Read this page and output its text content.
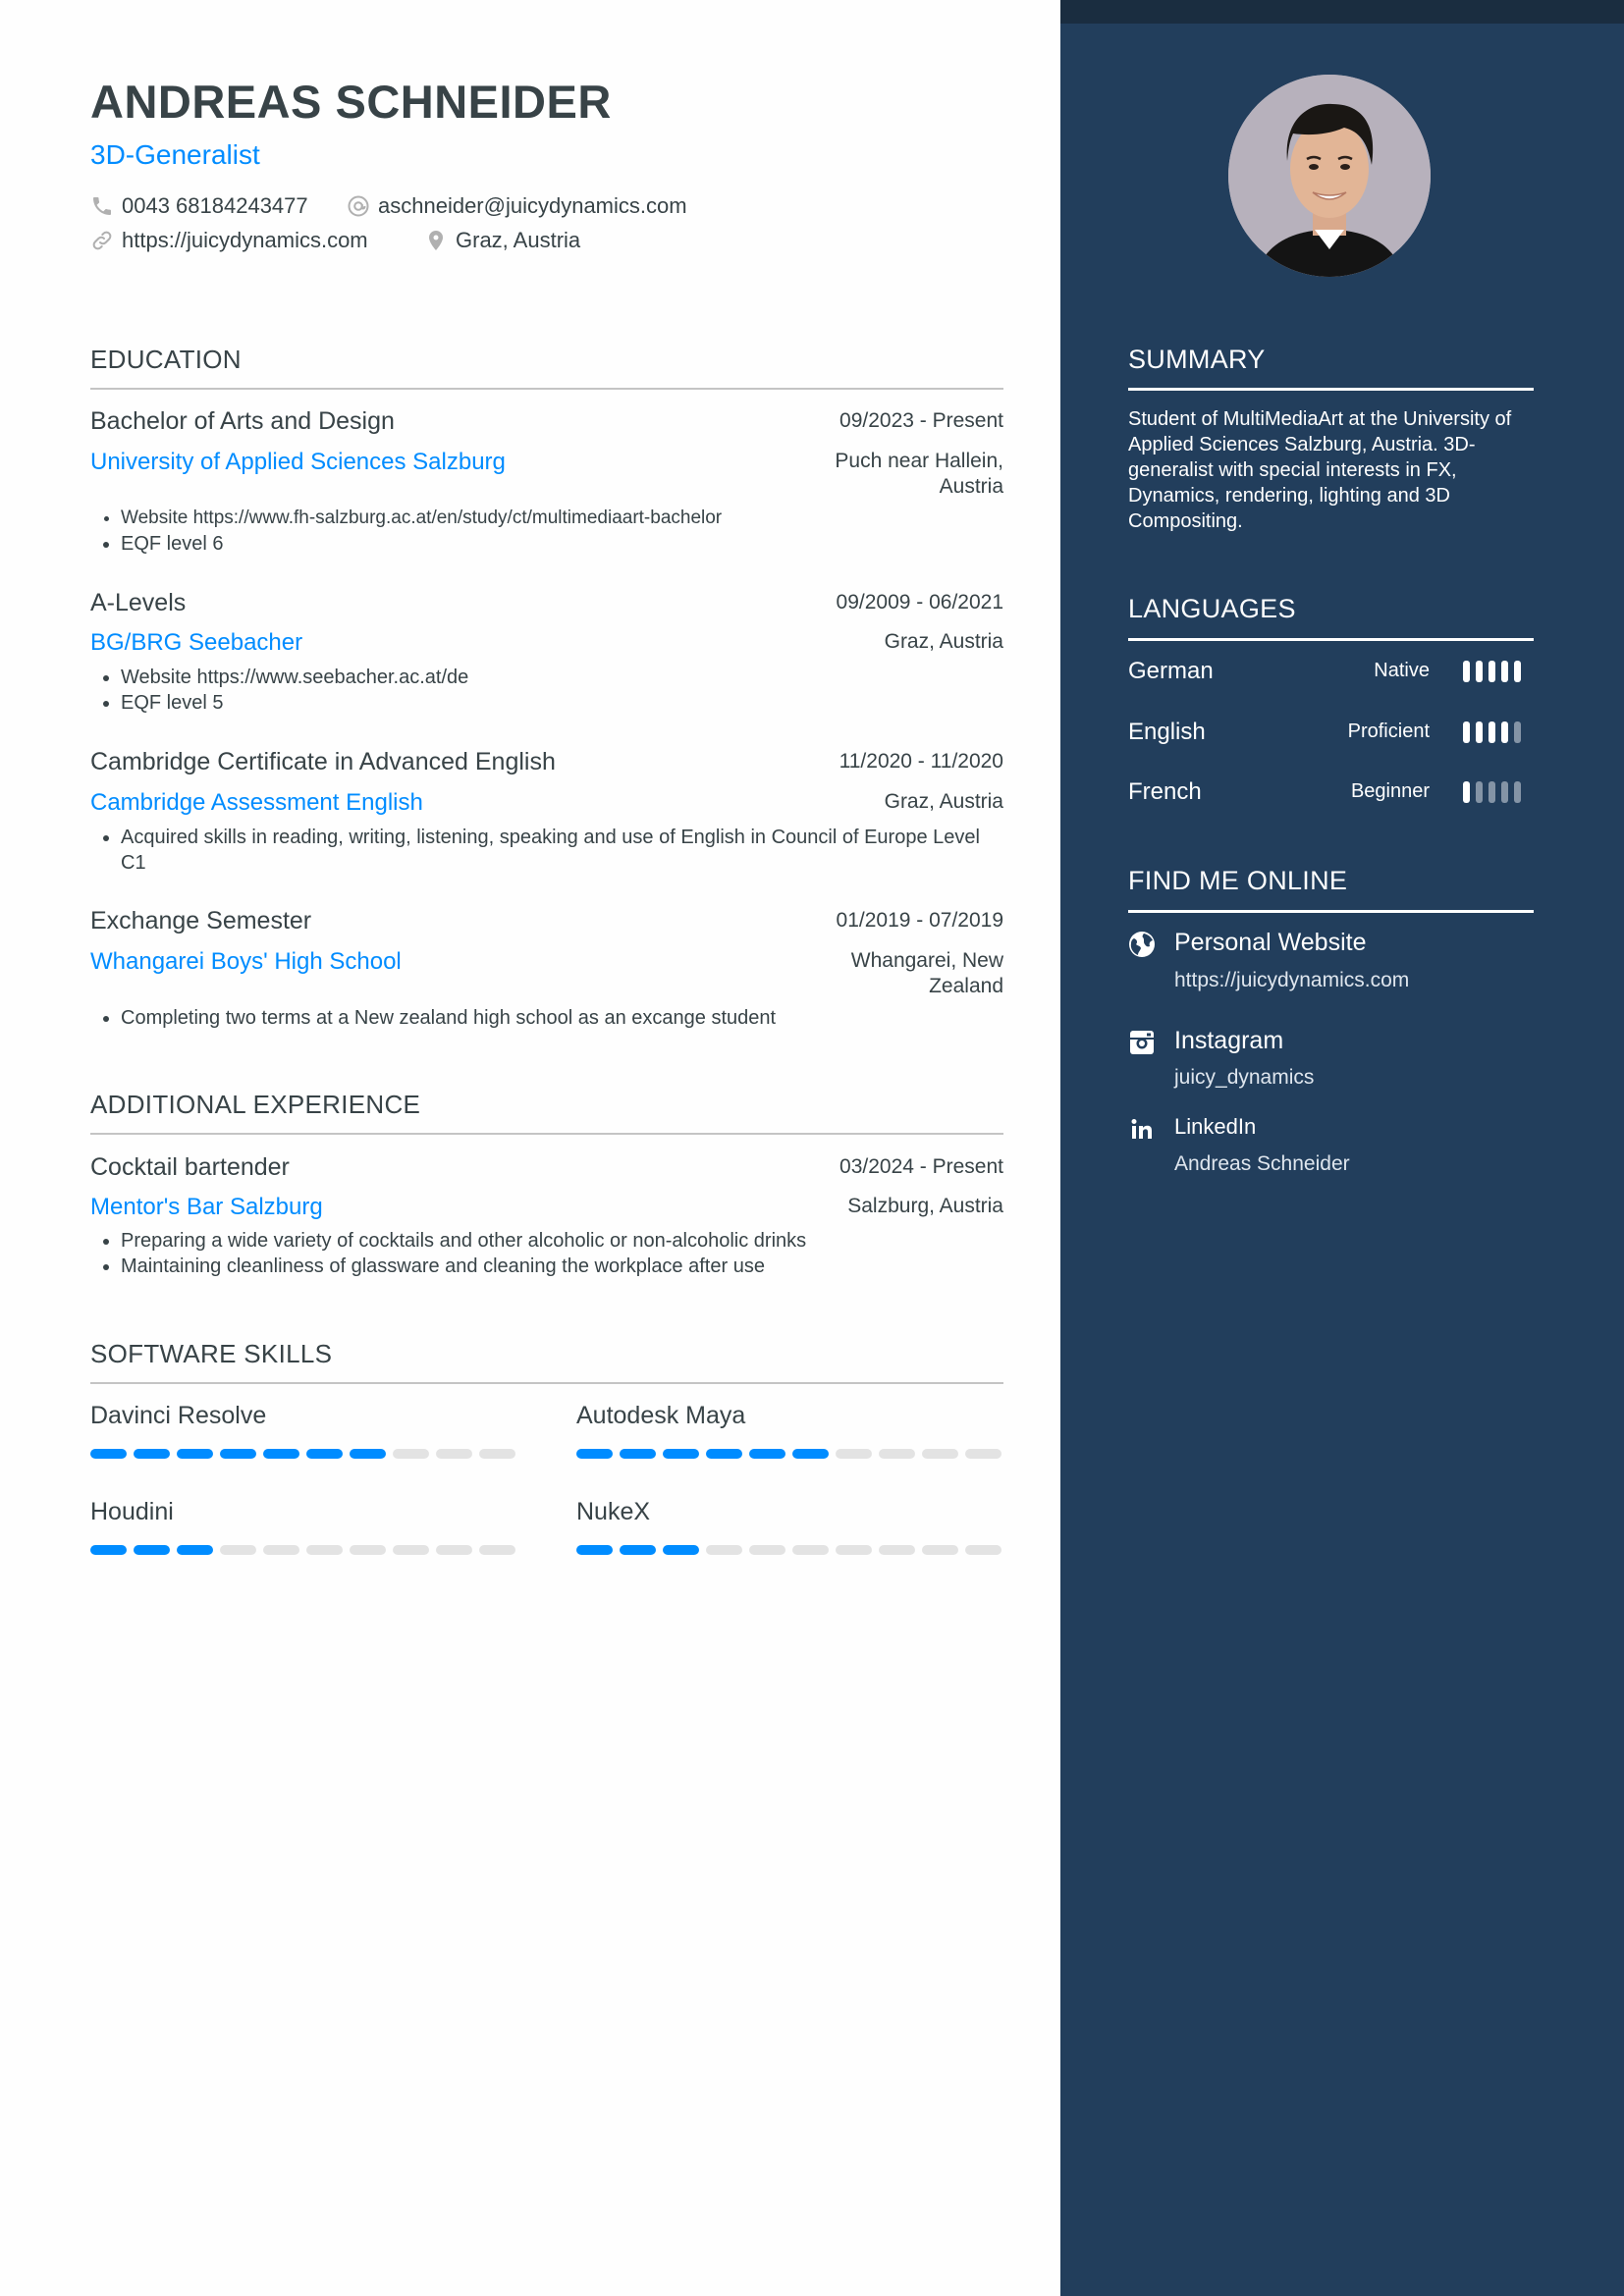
ANDREAS SCHNEIDER
3D-Generalist
0043 68184243477	aschneider@juicydynamics.com
https://juicydynamics.com	Graz, Austria
EDUCATION
Bachelor of Arts and Design	09/2023 - Present
University of Applied Sciences Salzburg	Puch near Hallein, Austria
• Website https://www.fh-salzburg.ac.at/en/study/ct/multimediaart-bachelor
• EQF level 6
A-Levels	09/2009 - 06/2021
BG/BRG Seebacher	Graz, Austria
• Website https://www.seebacher.ac.at/de
• EQF level 5
Cambridge Certificate in Advanced English	11/2020 - 11/2020
Cambridge Assessment English	Graz, Austria
• Acquired skills in reading, writing, listening, speaking and use of English in Council of Europe Level C1
Exchange Semester	01/2019 - 07/2019
Whangarei Boys' High School	Whangarei, New Zealand
• Completing two terms at a New zealand high school as an excange student
ADDITIONAL EXPERIENCE
Cocktail bartender	03/2024 - Present
Mentor's Bar Salzburg	Salzburg, Austria
• Preparing a wide variety of cocktails and other alcoholic or non-alcoholic drinks
• Maintaining cleanliness of glassware and cleaning the workplace after use
SOFTWARE SKILLS
Davinci Resolve	Autodesk Maya
Houdini	NukeX
SUMMARY
Student of MultiMediaArt at the University of Applied Sciences Salzburg, Austria. 3D-generalist with special interests in FX, Dynamics, rendering, lighting and 3D Compositing.
LANGUAGES
German	Native
English	Proficient
French	Beginner
FIND ME ONLINE
Personal Website
https://juicydynamics.com
Instagram
juicy_dynamics
LinkedIn
Andreas Schneider
